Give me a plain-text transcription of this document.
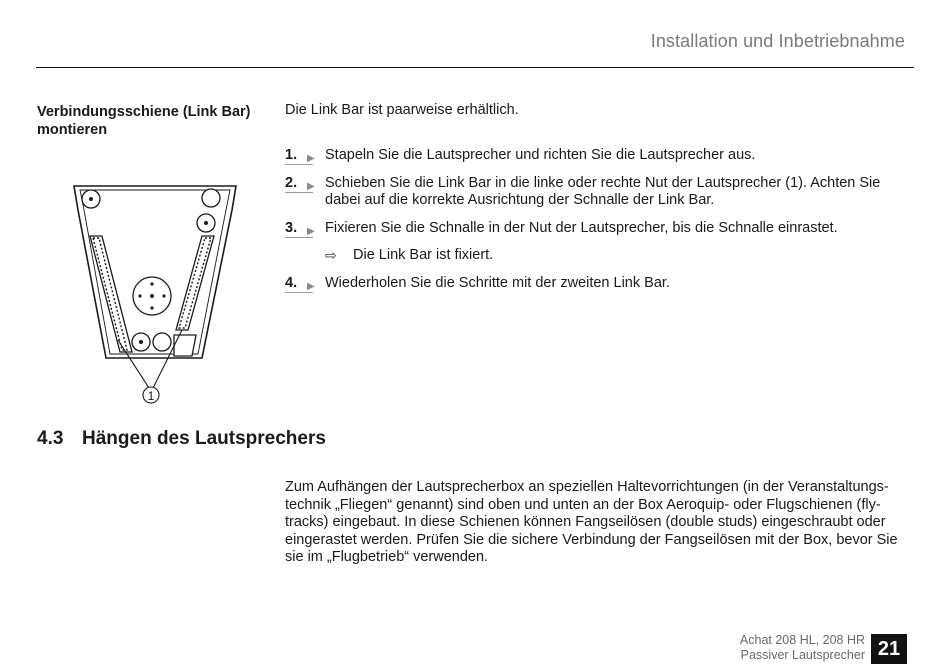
Installation und Inbetriebnahme
Verbindungsschiene (Link Bar) montieren
Die Link Bar ist paarweise erhältlich.
1. ▶ Stapeln Sie die Lautsprecher und richten Sie die Lautsprecher aus.
2. ▶ Schieben Sie die Link Bar in die linke oder rechte Nut der Lautsprecher (1). Achten Sie dabei auf die korrekte Ausrichtung der Schnalle der Link Bar.
3. ▶ Fixieren Sie die Schnalle in der Nut der Lautsprecher, bis die Schnalle einrastet.
⇨ Die Link Bar ist fixiert.
4. ▶ Wiederholen Sie die Schritte mit der zweiten Link Bar.
1
4.3 Hängen des Lautsprechers
Zum Aufhängen der Lautsprecherbox an speziellen Haltevorrichtungen (in der Veranstaltungstechnik „Fliegen“ genannt) sind oben und unten an der Box Aeroquip- oder Flugschienen (flytracks) eingebaut. In diese Schienen können Fangseilösen (double studs) eingeschraubt oder eingerastet werden. Prüfen Sie die sichere Verbindung der Fangseilösen mit der Box, bevor Sie sie im „Flugbetrieb“ verwenden.
Achat 208 HL, 208 HR
Passiver Lautsprecher 21
